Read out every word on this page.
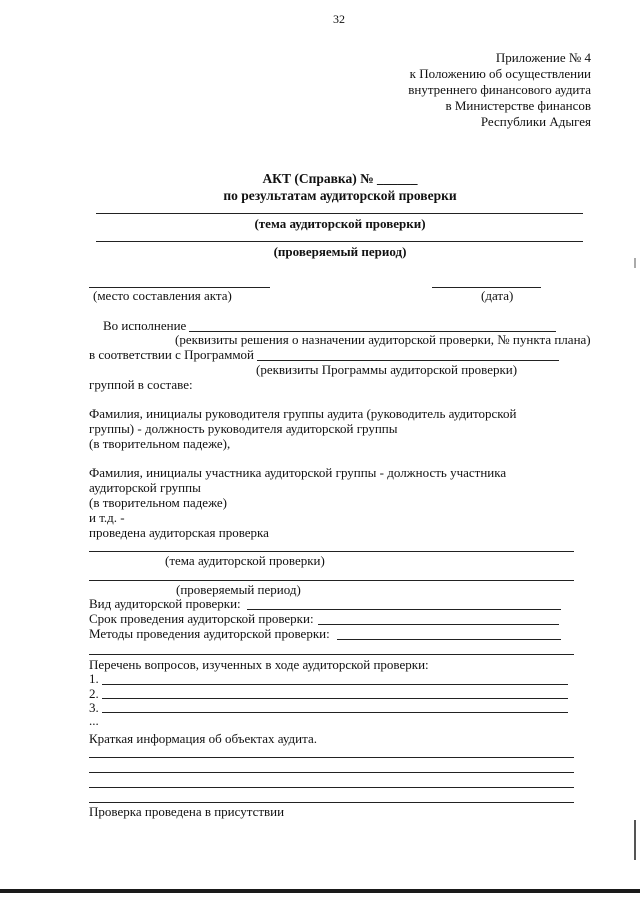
32
Приложение № 4
к Положению об осуществлении
внутреннего финансового аудита
в Министерстве финансов
Республики Адыгея
АКТ (Справка) № ______
по результатам аудиторской проверки
(тема аудиторской проверки)
(проверяемый период)
(место составления акта)	(дата)
Во исполнение
(реквизиты решения о назначении аудиторской проверки, № пункта плана)
в соответствии с Программой
(реквизиты Программы аудиторской проверки)
группой в составе:
Фамилия, инициалы руководителя группы аудита (руководитель аудиторской
группы) - должность руководителя аудиторской группы
(в творительном падеже),
Фамилия, инициалы участника аудиторской группы - должность участника
аудиторской группы
(в творительном падеже)
и т.д. -
проведена аудиторская проверка
(тема аудиторской проверки)
(проверяемый период)
Вид аудиторской проверки:
Срок проведения аудиторской проверки:
Методы проведения аудиторской проверки:
Перечень вопросов, изученных в ходе аудиторской проверки:
1.
2.
3.
...
Краткая информация об объектах аудита.
Проверка проведена в присутствии
